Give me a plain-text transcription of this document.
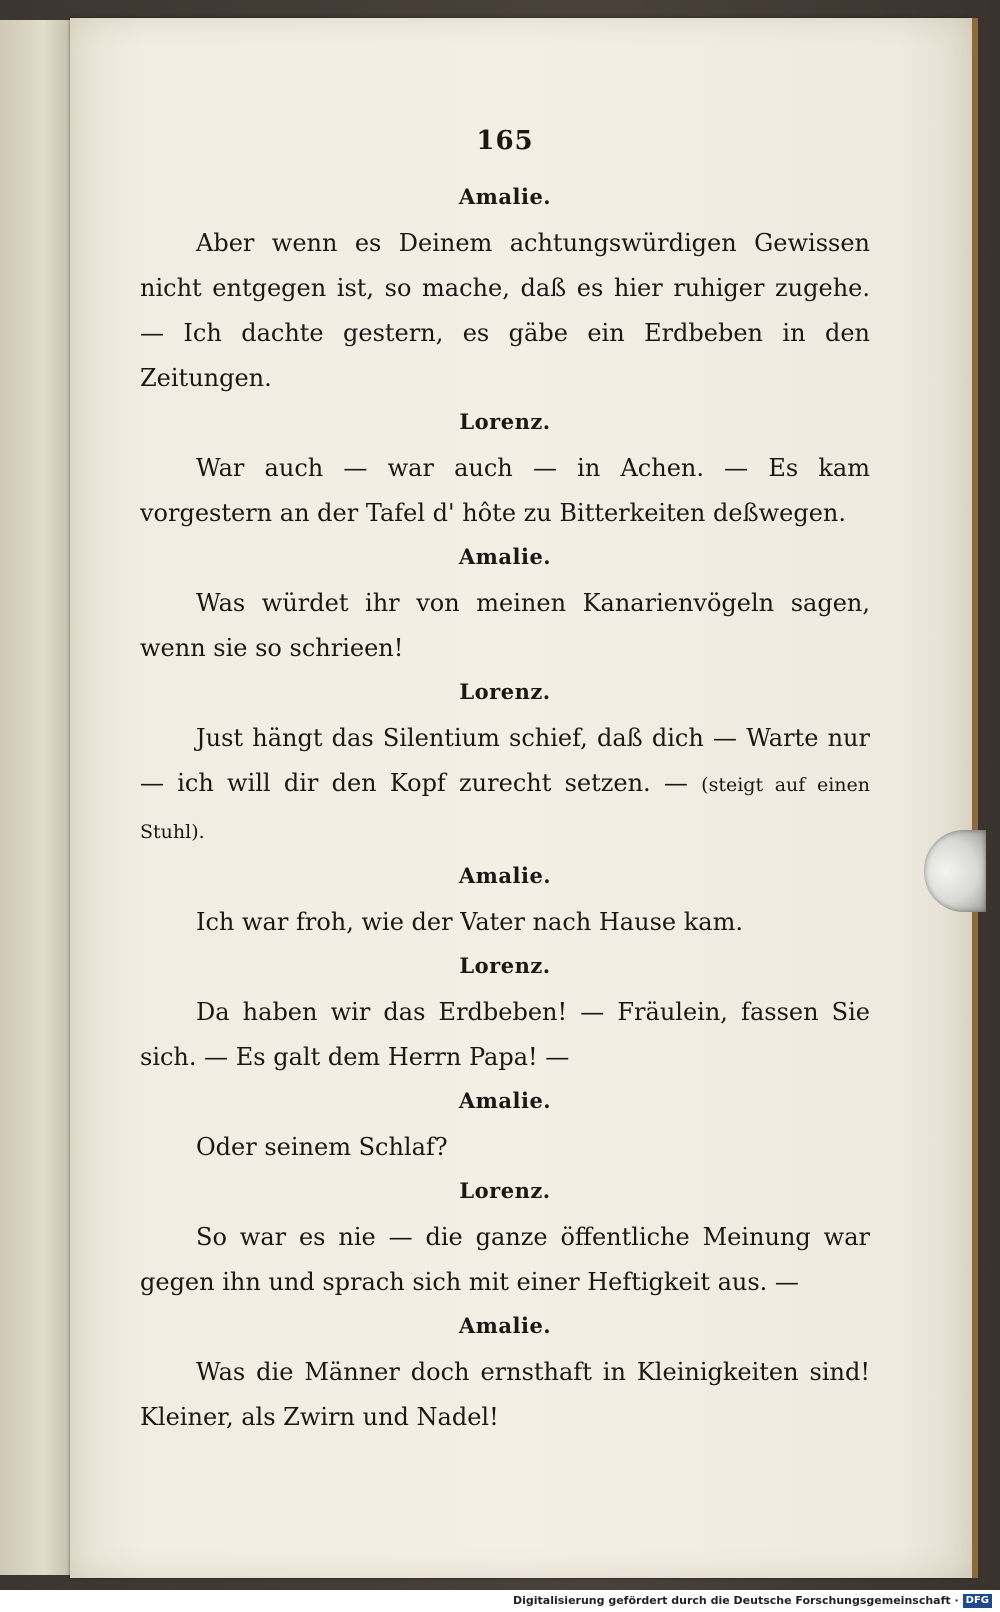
165
Amalie.

Aber wenn es Deinem achtungswürdigen Gewissen nicht entgegen ist, so mache, daß es hier ruhiger zugehe. — Ich dachte gestern, es gäbe ein Erdbeben in den Zeitungen.

Lorenz.

War auch — war auch — in Achen. — Es kam vorgestern an der Tafel d' hôte zu Bitterkeiten deßwegen.

Amalie.

Was würdet ihr von meinen Kanarienvögeln sagen, wenn sie so schrieen!

Lorenz.

Just hängt das Silentium schief, daß dich — Warte nur — ich will dir den Kopf zurecht setzen. — (steigt auf einen Stuhl).

Amalie.

Ich war froh, wie der Vater nach Hause kam.

Lorenz.

Da haben wir das Erdbeben! — Fräulein, fassen Sie sich. — Es galt dem Herrn Papa! —

Amalie.

Oder seinem Schlaf?

Lorenz.

So war es nie — die ganze öffentliche Meinung war gegen ihn und sprach sich mit einer Heftigkeit aus. —

Amalie.

Was die Männer doch ernsthaft in Kleinigkeiten sind! Kleiner, als Zwirn und Nadel!

Digitalisierung gefördert durch die Deutsche Forschungsgemeinschaft · DFG
